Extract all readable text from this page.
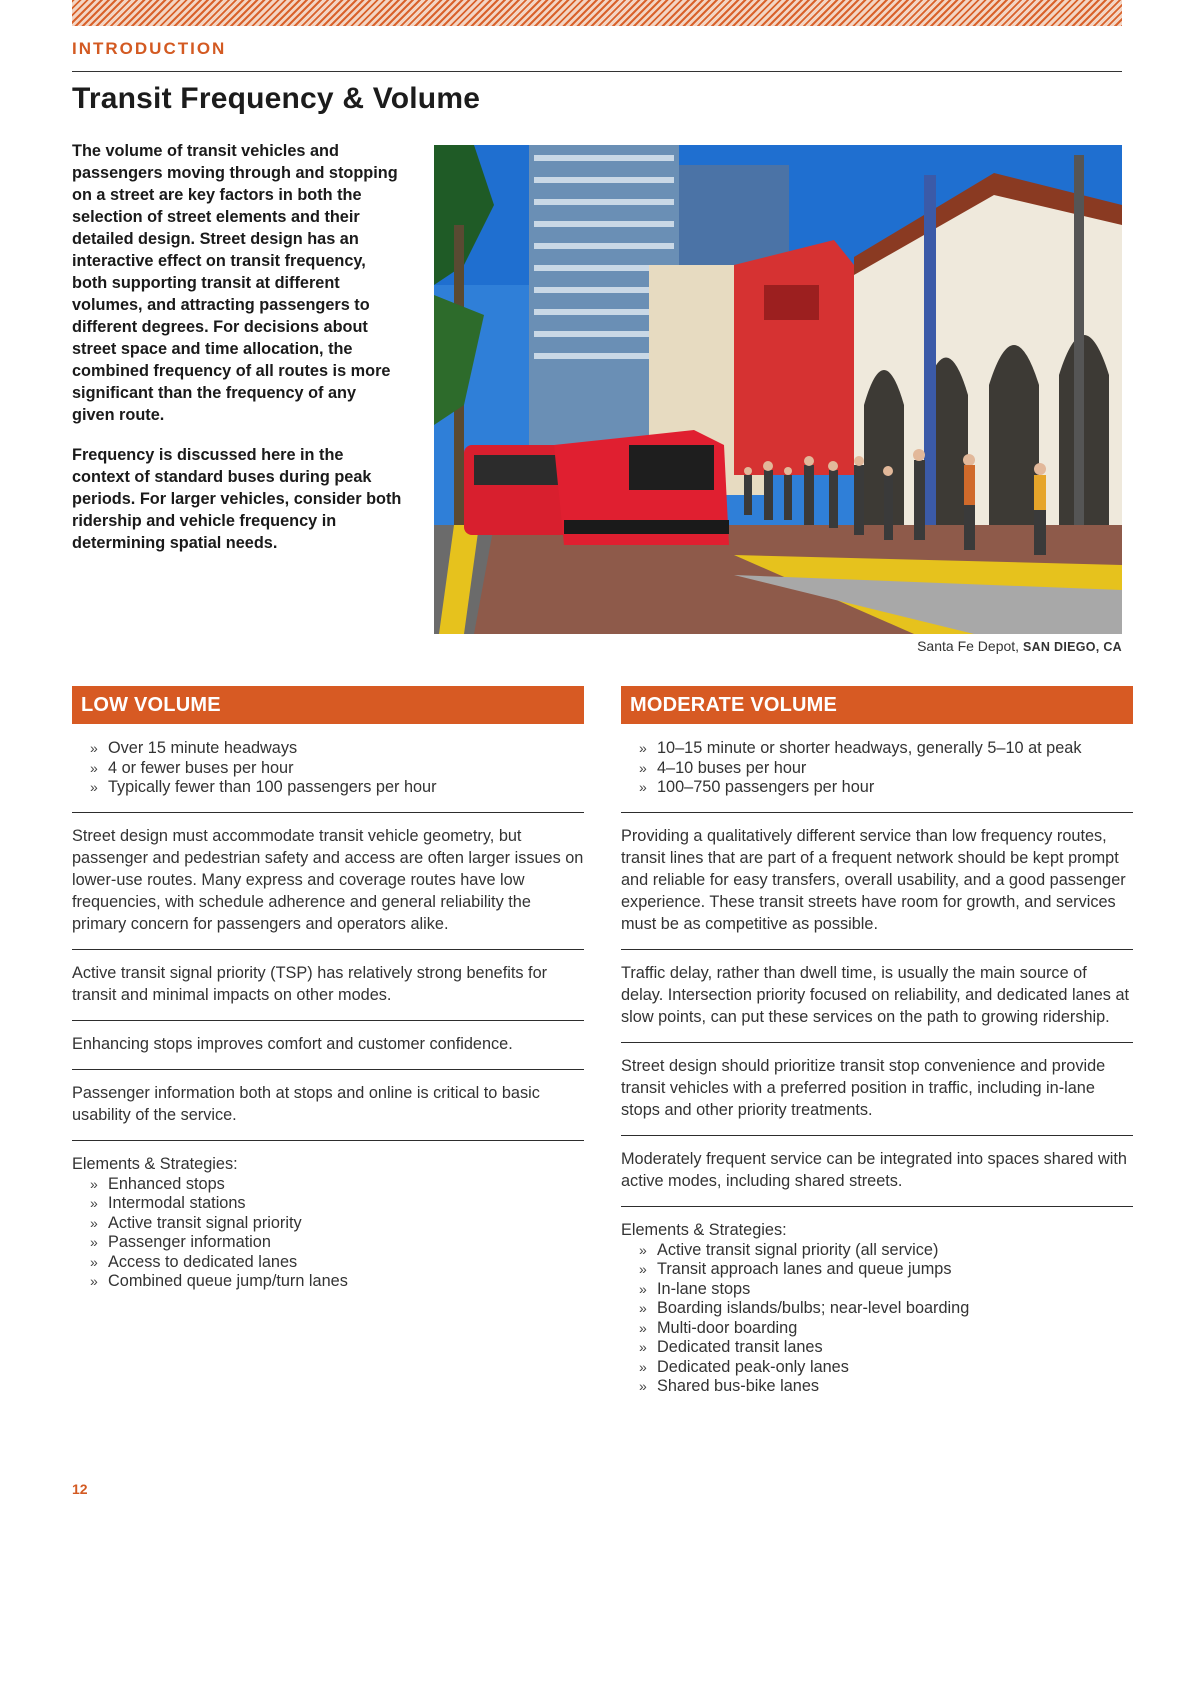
INTRODUCTION
Transit Frequency & Volume

The volume of transit vehicles and passengers moving through and stopping on a street are key factors in both the selection of street elements and their detailed design. Street design has an interactive effect on transit frequency, both supporting transit at different volumes, and attracting passengers to different degrees. For decisions about street space and time allocation, the combined frequency of all routes is more significant than the frequency of any given route.

Frequency is discussed here in the context of standard buses during peak periods. For larger vehicles, consider both ridership and vehicle frequency in determining spatial needs.

Santa Fe Depot, SAN DIEGO, CA
LOW VOLUME
» Over 15 minute headways
» 4 or fewer buses per hour
» Typically fewer than 100 passengers per hour
Street design must accommodate transit vehicle geometry, but passenger and pedestrian safety and access are often larger issues on lower-use routes. Many express and coverage routes have low frequencies, with schedule adherence and general reliability the primary concern for passengers and operators alike.
Active transit signal priority (TSP) has relatively strong benefits for transit and minimal impacts on other modes.
Enhancing stops improves comfort and customer confidence.
Passenger information both at stops and online is critical to basic usability of the service.
Elements & Strategies:
» Enhanced stops
» Intermodal stations
» Active transit signal priority
» Passenger information
» Access to dedicated lanes
» Combined queue jump/turn lanes
MODERATE VOLUME
» 10–15 minute or shorter headways, generally 5–10 at peak
» 4–10 buses per hour
» 100–750 passengers per hour
Providing a qualitatively different service than low frequency routes, transit lines that are part of a frequent network should be kept prompt and reliable for easy transfers, overall usability, and a good passenger experience. These transit streets have room for growth, and services must be as competitive as possible.
Traffic delay, rather than dwell time, is usually the main source of delay. Intersection priority focused on reliability, and dedicated lanes at slow points, can put these services on the path to growing ridership.
Street design should prioritize transit stop convenience and provide transit vehicles with a preferred position in traffic, including in-lane stops and other priority treatments.
Moderately frequent service can be integrated into spaces shared with active modes, including shared streets.
Elements & Strategies:
» Active transit signal priority (all service)
» Transit approach lanes and queue jumps
» In-lane stops
» Boarding islands/bulbs; near-level boarding
» Multi-door boarding
» Dedicated transit lanes
» Dedicated peak-only lanes
» Shared bus-bike lanes
12
